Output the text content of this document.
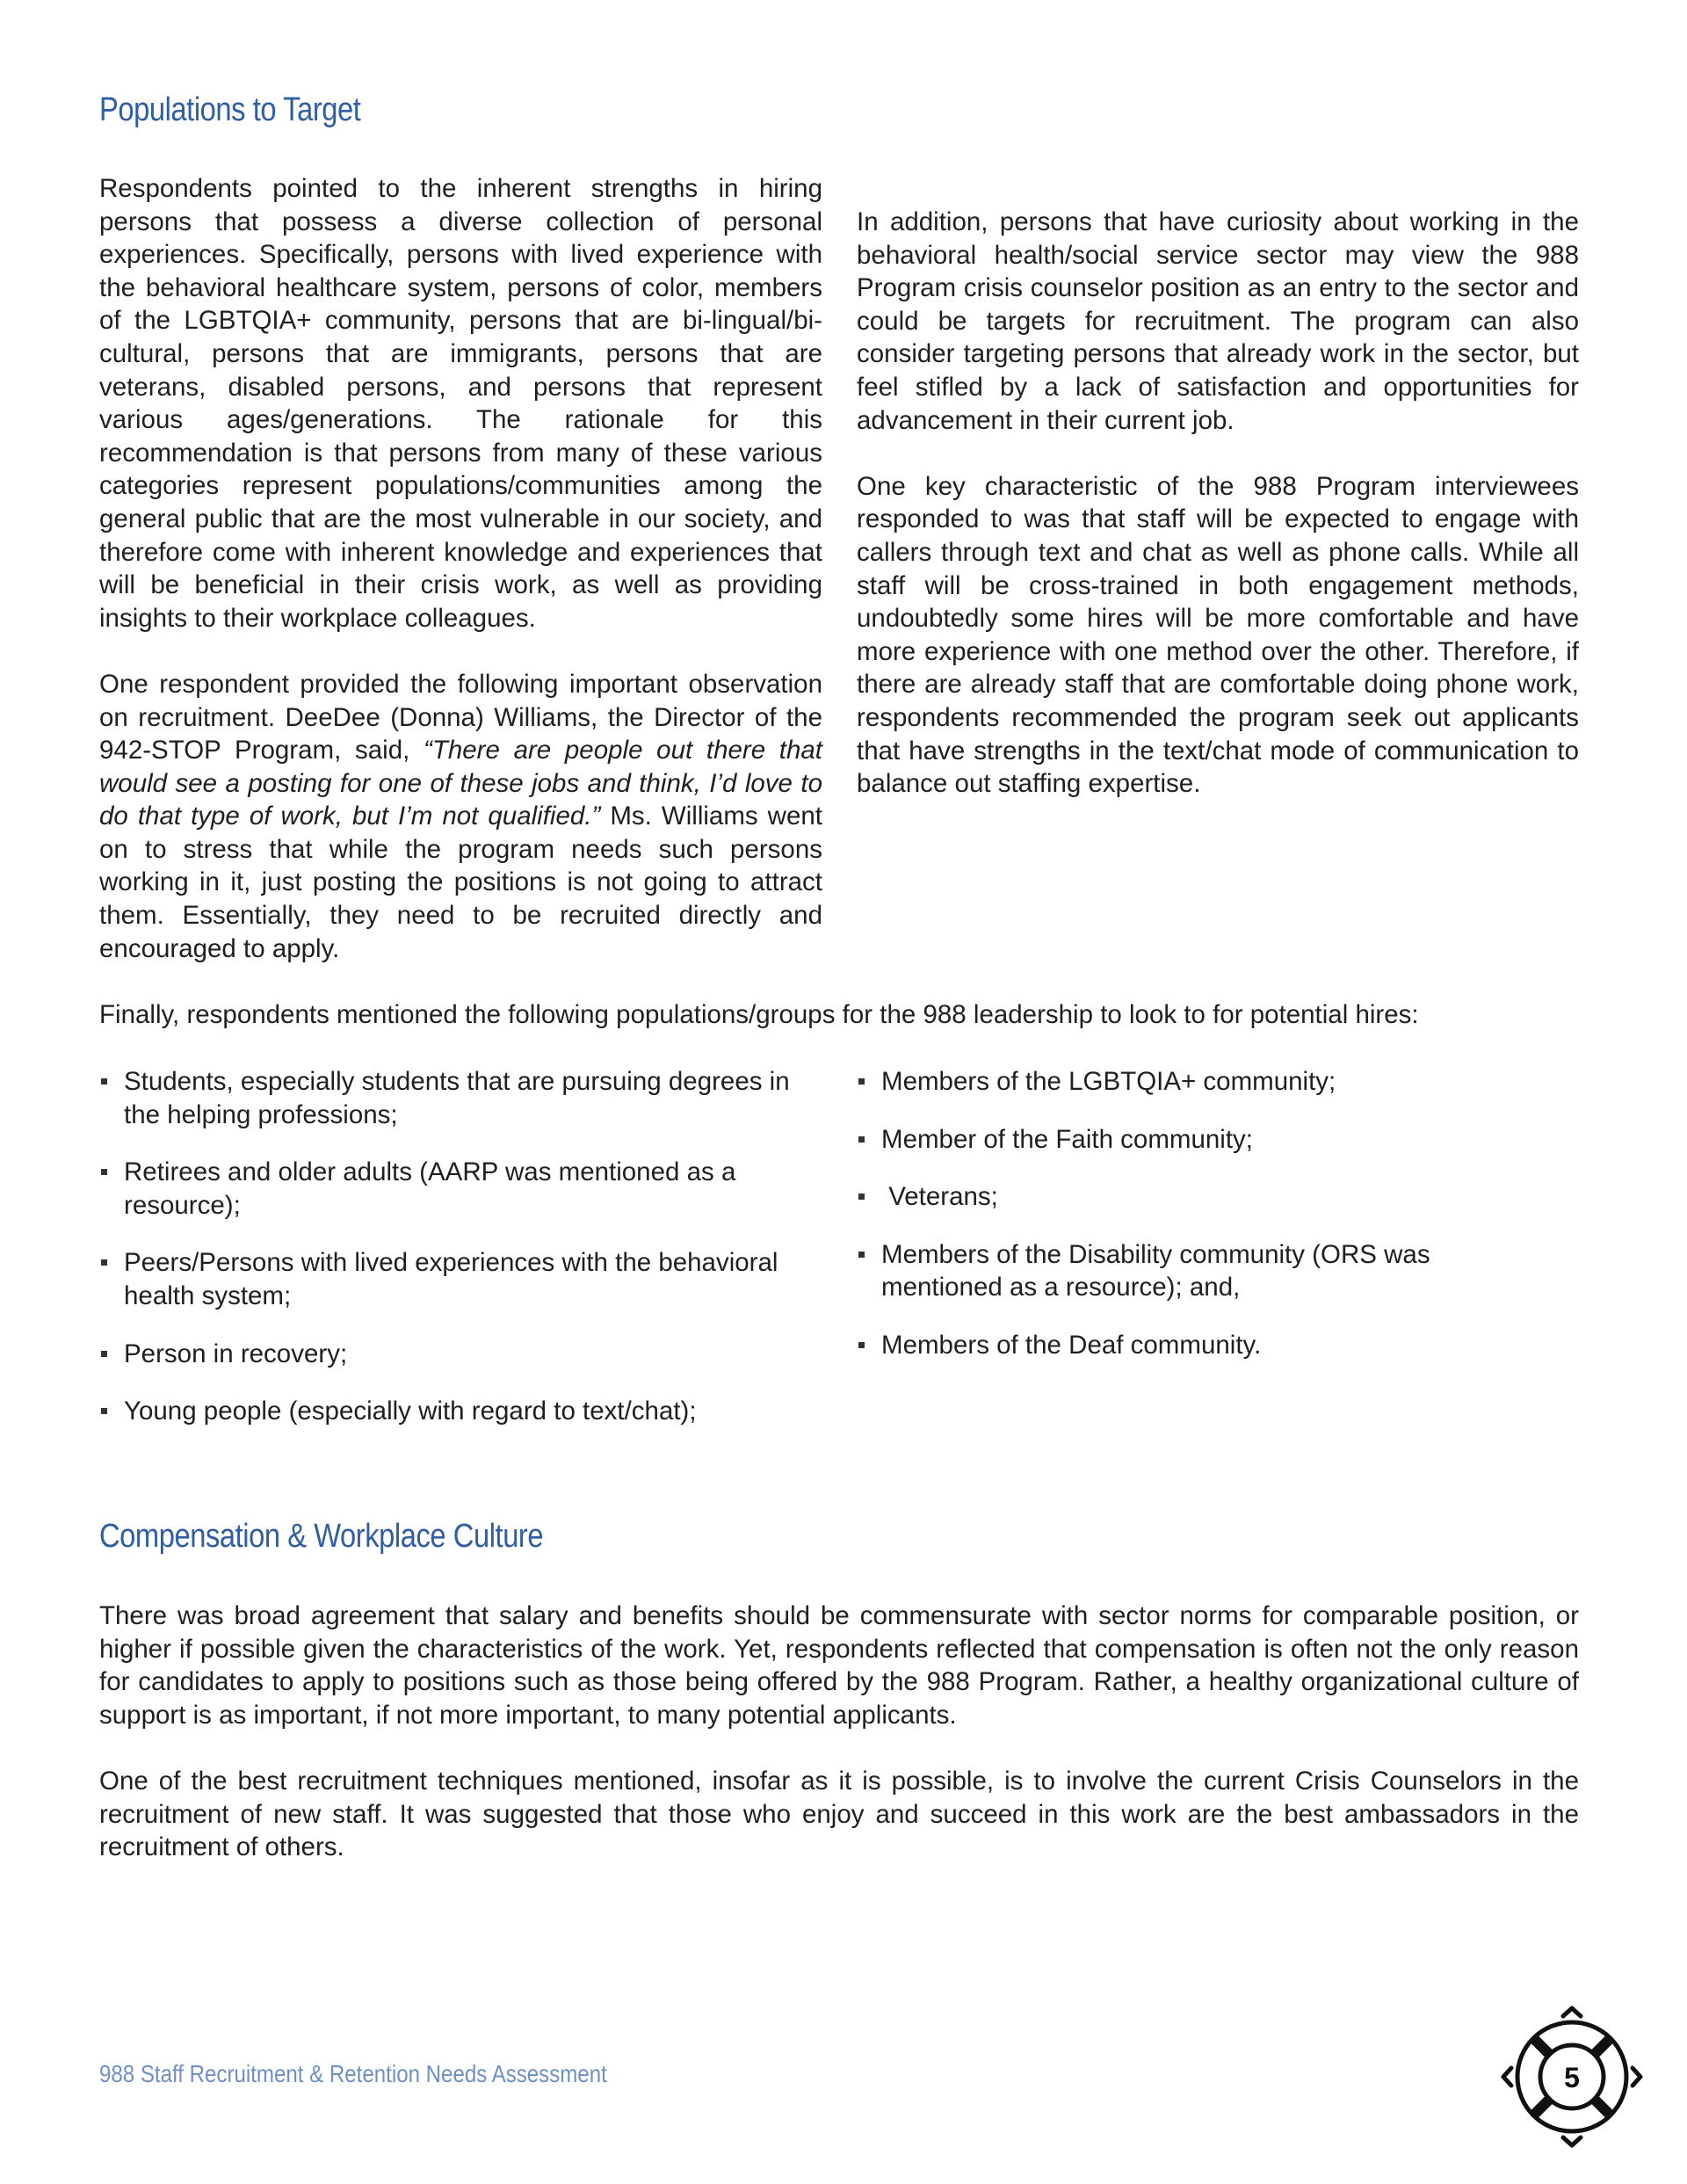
Populations to Target

Respondents pointed to the inherent strengths in hiring persons that possess a diverse collection of personal experiences. Specifically, persons with lived experience with the behavioral healthcare system, persons of color, members of the LGBTQIA+ community, persons that are bi-lingual/bi-cultural, persons that are immigrants, persons that are veterans, disabled persons, and persons that represent various ages/generations. The rationale for this recommendation is that persons from many of these various categories represent populations/communities among the general public that are the most vulnerable in our society, and therefore come with inherent knowledge and experiences that will be beneficial in their crisis work, as well as providing insights to their workplace colleagues.

One respondent provided the following important observation on recruitment. DeeDee (Donna) Williams, the Director of the 942-STOP Program, said, “There are people out there that would see a posting for one of these jobs and think, I’d love to do that type of work, but I’m not qualified.” Ms. Williams went on to stress that while the program needs such persons working in it, just posting the positions is not going to attract them. Essentially, they need to be recruited directly and encouraged to apply.

In addition, persons that have curiosity about working in the behavioral health/social service sector may view the 988 Program crisis counselor position as an entry to the sector and could be targets for recruitment. The program can also consider targeting persons that already work in the sector, but feel stifled by a lack of satisfaction and opportunities for advancement in their current job.

One key characteristic of the 988 Program interviewees responded to was that staff will be expected to engage with callers through text and chat as well as phone calls. While all staff will be cross-trained in both engagement methods, undoubtedly some hires will be more comfortable and have more experience with one method over the other. Therefore, if there are already staff that are comfortable doing phone work, respondents recommended the program seek out applicants that have strengths in the text/chat mode of communication to balance out staffing expertise.

Finally, respondents mentioned the following populations/groups for the 988 leadership to look to for potential hires:

Students, especially students that are pursuing degrees in the helping professions;
Retirees and older adults (AARP was mentioned as a resource);
Peers/Persons with lived experiences with the behavioral health system;
Person in recovery;
Young people (especially with regard to text/chat);
Members of the LGBTQIA+ community;
Member of the Faith community;
Veterans;
Members of the Disability community (ORS was mentioned as a resource); and,
Members of the Deaf community.
Compensation & Workplace Culture

There was broad agreement that salary and benefits should be commensurate with sector norms for comparable position, or higher if possible given the characteristics of the work. Yet, respondents reflected that compensation is often not the only reason for candidates to apply to positions such as those being offered by the 988 Program. Rather, a healthy organizational culture of support is as important, if not more important, to many potential applicants.

One of the best recruitment techniques mentioned, insofar as it is possible, is to involve the current Crisis Counselors in the recruitment of new staff. It was suggested that those who enjoy and succeed in this work are the best ambassadors in the recruitment of others.

988 Staff Recruitment & Retention Needs Assessment	5
